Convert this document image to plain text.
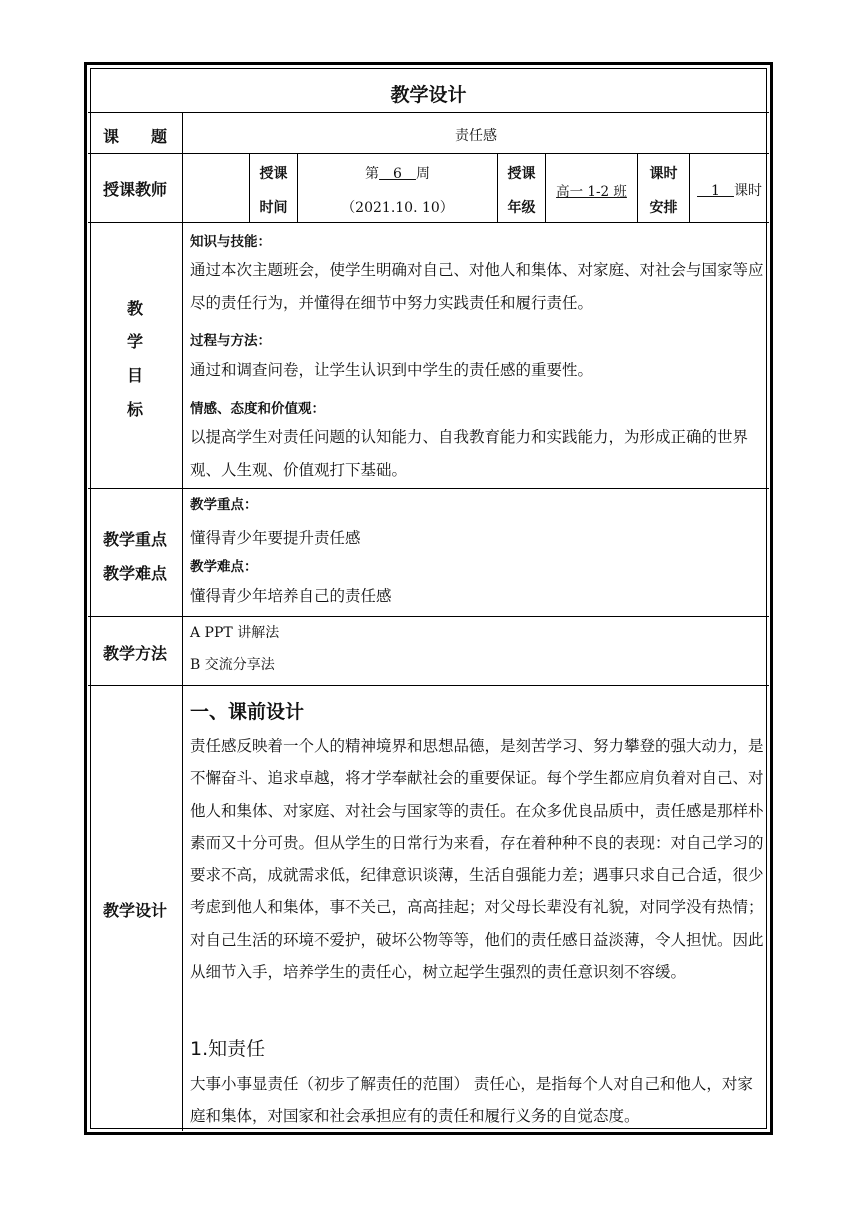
教学设计
课　　题	责任感
授课教师
授课
时间
第　6　周
（2021.10. 10）
授课
年级
高一 1-2 班
课时
安排
　1　课时
教
学
目
标
知识与技能：
通过本次主题班会，使学生明确对自己、对他人和集体、对家庭、对社会与国家等应尽的责任行为，并懂得在细节中努力实践责任和履行责任。
过程与方法：
通过和调查问卷，让学生认识到中学生的责任感的重要性。
情感、态度和价值观：
以提高学生对责任问题的认知能力、自我教育能力和实践能力，为形成正确的世界观、人生观、价值观打下基础。
教学重点
教学难点
教学重点：
懂得青少年要提升责任感
教学难点：
懂得青少年培养自己的责任感
教学方法
A PPT 讲解法
B 交流分享法
教学设计
一、课前设计
责任感反映着一个人的精神境界和思想品德，是刻苦学习、努力攀登的强大动力，是不懈奋斗、追求卓越，将才学奉献社会的重要保证。每个学生都应肩负着对自己、对他人和集体、对家庭、对社会与国家等的责任。在众多优良品质中，责任感是那样朴素而又十分可贵。但从学生的日常行为来看，存在着种种不良的表现：对自己学习的要求不高，成就需求低，纪律意识谈薄，生活自强能力差；遇事只求自己合适，很少考虑到他人和集体，事不关己，高高挂起；对父母长辈没有礼貌，对同学没有热情；对自己生活的环境不爱护，破坏公物等等，他们的责任感日益淡薄，令人担忧。因此从细节入手，培养学生的责任心，树立起学生强烈的责任意识刻不容缓。
1.知责任
大事小事显责任（初步了解责任的范围） 责任心，是指每个人对自己和他人，对家庭和集体，对国家和社会承担应有的责任和履行义务的自觉态度。
